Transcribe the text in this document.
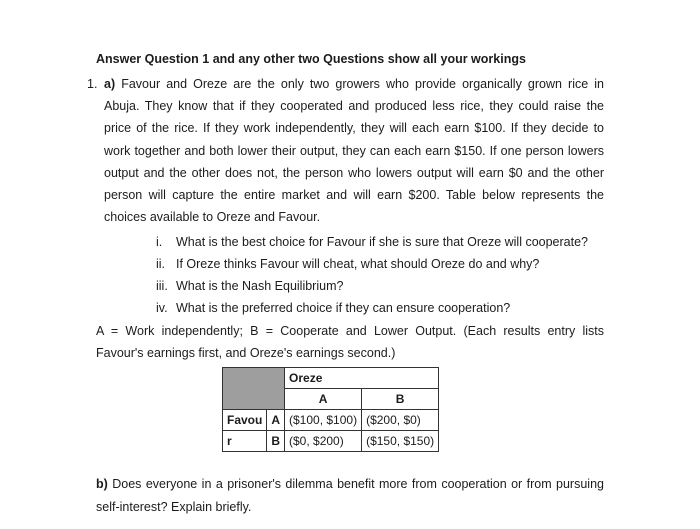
Answer Question 1 and any other two Questions show all your workings
1. a) Favour and Oreze are the only two growers who provide organically grown rice in Abuja. They know that if they cooperated and produced less rice, they could raise the price of the rice. If they work independently, they will each earn $100. If they decide to work together and both lower their output, they can each earn $150. If one person lowers output and the other does not, the person who lowers output will earn $0 and the other person will capture the entire market and will earn $200. Table below represents the choices available to Oreze and Favour.
i. What is the best choice for Favour if she is sure that Oreze will cooperate?
ii. If Oreze thinks Favour will cheat, what should Oreze do and why?
iii. What is the Nash Equilibrium?
iv. What is the preferred choice if they can ensure cooperation?
A = Work independently; B = Cooperate and Lower Output. (Each results entry lists Favour's earnings first, and Oreze's earnings second.)
		Oreze	
		A	B
Favou	A	($100, $100)	($200, $0)
r	B	($0, $200)	($150, $150)
b) Does everyone in a prisoner's dilemma benefit more from cooperation or from pursuing self-interest? Explain briefly.
